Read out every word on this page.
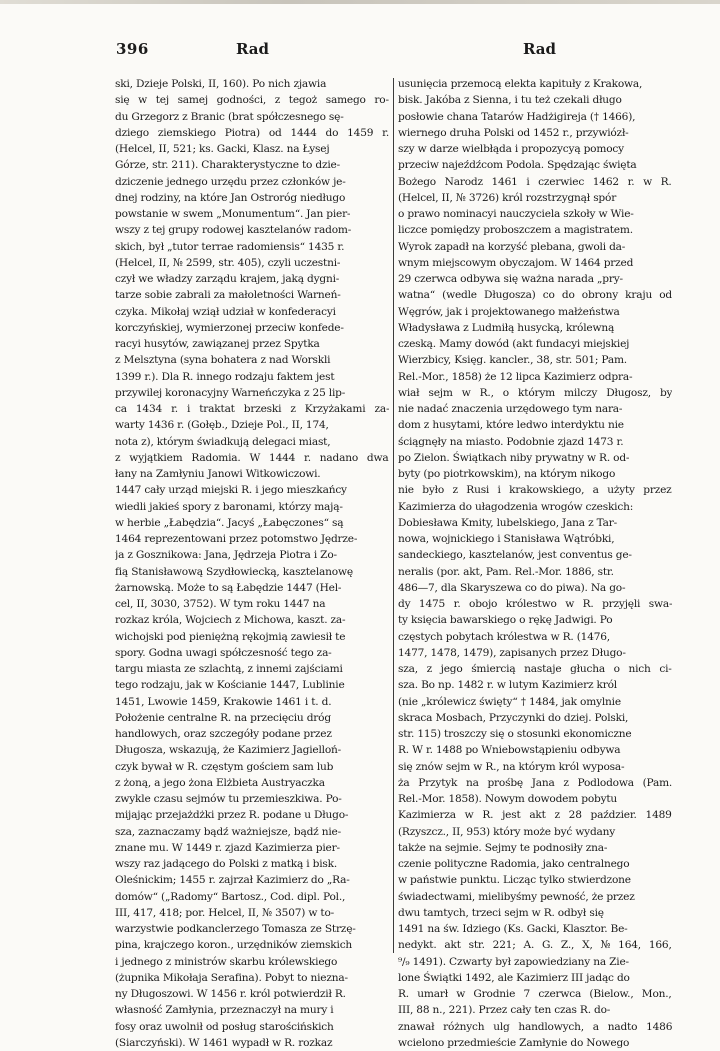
396	Rad	Rad
ski, Dzieje Polski, II, 160). Po nich zjawia
się w tej samej godności, z tegoż samego ro-
du Grzegorz z Branic (brat spółczesnego sę-
dziego ziemskiego Piotra) od 1444 do 1459 r.
(Helcel, II, 521; ks. Gacki, Klasz. na Łysej
Górze, str. 211). Charakterystyczne to dzie-
dziczenie jednego urzędu przez członków je-
dnej rodziny, na które Jan Ostroróg niedługo
powstanie w swem „Monumentum“. Jan pier-
wszy z tej grupy rodowej kasztelanów radom-
skich, był „tutor terrae radomiensis“ 1435 r.
(Helcel, II, № 2599, str. 405), czyli uczestni-
czył we władzy zarządu krajem, jaką dygni-
tarze sobie zabrali za małoletności Warneń-
czyka. Mikołaj wziął udział w konfederacyi
korczyńskiej, wymierzonej przeciw konfede-
racyi husytów, zawiązanej przez Spytka
z Melsztyna (syna bohatera z nad Worskli
1399 r.). Dla R. innego rodzaju faktem jest
przywilej koronacyjny Warneńczyka z 25 lip-
ca 1434 r. i traktat brzeski z Krzyżakami za-
warty 1436 r. (Gołęb., Dzieje Pol., II, 174,
nota z), którym świadkują delegaci miast,
z wyjątkiem Radomia. W 1444 r. nadano dwa
łany na Zamłyniu Janowi Witkowiczowi.
1447 cały urząd miejski R. i jego mieszkańcy
wiedli jakieś spory z baronami, którzy mają-
w herbie „Łabędzia“. Jacyś „Łabęczones“ są
1464 reprezentowani przez potomstwo Jędrze-
ja z Gosznikowa: Jana, Jędrzeja Piotra i Zo-
fią Stanisławową Szydłowiecką, kasztelanowę
żarnowską. Może to są Łabędzie 1447 (Hel-
cel, II, 3030, 3752). W tym roku 1447 na
rozkaz króla, Wojciech z Michowa, kaszt. za-
wichojski pod pieniężną rękojmią zawiesił te
spory. Godna uwagi spółczesność tego za-
targu miasta ze szlachtą, z innemi zajściami
tego rodzaju, jak w Kościanie 1447, Lublinie
1451, Lwowie 1459, Krakowie 1461 i t. d.
Położenie centralne R. na przecięciu dróg
handlowych, oraz szczegóły podane przez
Długosza, wskazują, że Kazimierz Jagielloń-
czyk bywał w R. częstym gościem sam lub
z żoną, a jego żona Elżbieta Austryaczka
zwykle czasu sejmów tu przemieszkiwa. Po-
mijając przejażdżki przez R. podane u Długo-
sza, zaznaczamy bądź ważniejsze, bądź nie-
znane mu. W 1449 r. zjazd Kazimierza pier-
wszy raz jadącego do Polski z matką i bisk.
Oleśnickim; 1455 r. zajrzał Kazimierz do „Ra-
domów“ („Radomy“ Bartosz., Cod. dipl. Pol.,
III, 417, 418; por. Helcel, II, № 3507) w to-
warzystwie podkanclerzego Tomasza ze Strzę-
pina, krajczego koron., urzędników ziemskich
i jednego z ministrów skarbu królewskiego
(żupnika Mikołaja Serafina). Pobyt to niezna-
ny Długoszowi. W 1456 r. król potwierdził R.
własność Zamłynia, przeznaczył na mury i
fosy oraz uwolnił od posług starościńskich
(Siarczyński). W 1461 wypadł w R. rozkaz
usunięcia przemocą elekta kapituły z Krakowa,
bisk. Jakóba z Sienna, i tu też czekali długo
posłowie chana Tatarów Hadżigireja († 1466),
wiernego druha Polski od 1452 r., przywiózł-
szy w darze wielbłąda i propozycyą pomocy
przeciw najeźdźcom Podola. Spędzając święta
Bożego Narodz 1461 i czerwiec 1462 r. w R.
(Helcel, II, № 3726) król rozstrzygnął spór
o prawo nominacyi nauczyciela szkoły w Wie-
liczce pomiędzy proboszczem a magistratem.
Wyrok zapadł na korzyść plebana, gwoli da-
wnym miejscowym obyczajom. W 1464 przed
29 czerwca odbywa się ważna narada „pry-
watna“ (wedle Długosza) co do obrony kraju od
Węgrów, jak i projektowanego małżeństwa
Władysława z Ludmiłą husycką, królewną
czeską. Mamy dowód (akt fundacyi miejskiej
Wierzbicy, Księg. kancler., 38, str. 501; Pam.
Rel.-Mor., 1858) że 12 lipca Kazimierz odpra-
wiał sejm w R., o którym milczy Długosz, by
nie nadać znaczenia urzędowego tym nara-
dom z husytami, które ledwo interdyktu nie
ściągnęły na miasto. Podobnie zjazd 1473 r.
po Zielon. Świątkach niby prywatny w R. od-
byty (po piotrkowskim), na którym nikogo
nie było z Rusi i krakowskiego, a użyty przez
Kazimierza do ułagodzenia wrogów czeskich:
Dobiesława Kmity, lubelskiego, Jana z Tar-
nowa, wojnickiego i Stanisława Wątróbki,
sandeckiego, kasztelanów, jest conventus ge-
neralis (por. akt, Pam. Rel.-Mor. 1886, str.
486—7, dla Skaryszewa co do piwa). Na go-
dy 1475 r. obojo królestwo w R. przyjęli swa-
ty księcia bawarskiego o rękę Jadwigi. Po
częstych pobytach królestwa w R. (1476,
1477, 1478, 1479), zapisanych przez Długo-
sza, z jego śmiercią nastaje głucha o nich ci-
sza. Bo np. 1482 r. w lutym Kazimierz król
(nie „królewicz święty“ † 1484, jak omylnie
skraca Mosbach, Przyczynki do dziej. Polski,
str. 115) troszczy się o stosunki ekonomiczne
R. W r. 1488 po Wniebowstąpieniu odbywa
się znów sejm w R., na którym król wyposa-
ża Przytyk na prośbę Jana z Podlodowa (Pam.
Rel.-Mor. 1858). Nowym dowodem pobytu
Kazimierza w R. jest akt z 28 paździer. 1489
(Rzyszcz., II, 953) który może być wydany
także na sejmie. Sejmy te podnosiły zna-
czenie polityczne Radomia, jako centralnego
w państwie punktu. Licząc tylko stwierdzone
świadectwami, mielibyśmy pewność, że przez
dwu tamtych, trzeci sejm w R. odbył się
1491 na św. Idziego (Ks. Gacki, Klasztor. Be-
nedykt. akt str. 221; A. G. Z., X, № 164, 166,
⁹/₉ 1491). Czwarty był zapowiedziany na Zie-
lone Świątki 1492, ale Kazimierz III jadąc do
R. umarł w Grodnie 7 czerwca (Bielow., Mon.,
III, 88 n., 221). Przez cały ten czas R. do-
znawał różnych ulg handlowych, a nadto 1486
wcielono przedmieście Zamłynie do Nowego
